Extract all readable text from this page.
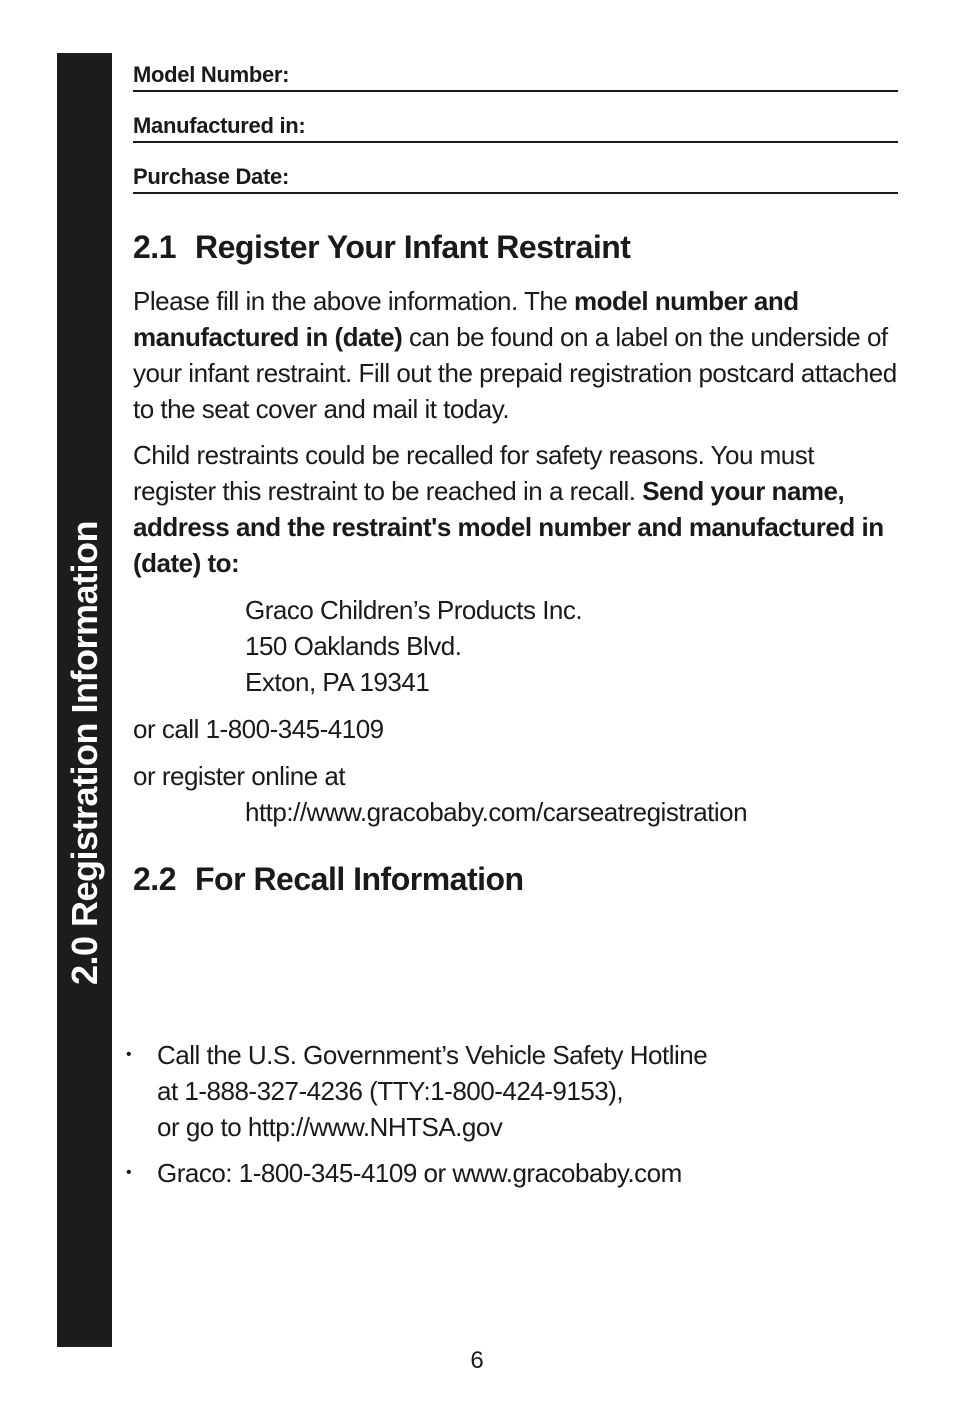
2.0 Registration Information
Model Number:
Manufactured in:
Purchase Date:
2.1 Register Your Infant Restraint

Please fill in the above information. The model number and manufactured in (date) can be found on a label on the underside of your infant restraint. Fill out the prepaid registration postcard attached to the seat cover and mail it today.

Child restraints could be recalled for safety reasons. You must register this restraint to be reached in a recall. Send your name, address and the restraint's model number and manufactured in (date) to:

Graco Children’s Products Inc.
150 Oaklands Blvd.
Exton, PA 19341
or call 1-800-345-4109
or register online at
http://www.gracobaby.com/carseatregistration
2.2 For Recall Information
• Call the U.S. Government’s Vehicle Safety Hotline
at 1-888-327-4236 (TTY:1-800-424-9153),
or go to http://www.NHTSA.gov
• Graco: 1-800-345-4109 or www.gracobaby.com
6
